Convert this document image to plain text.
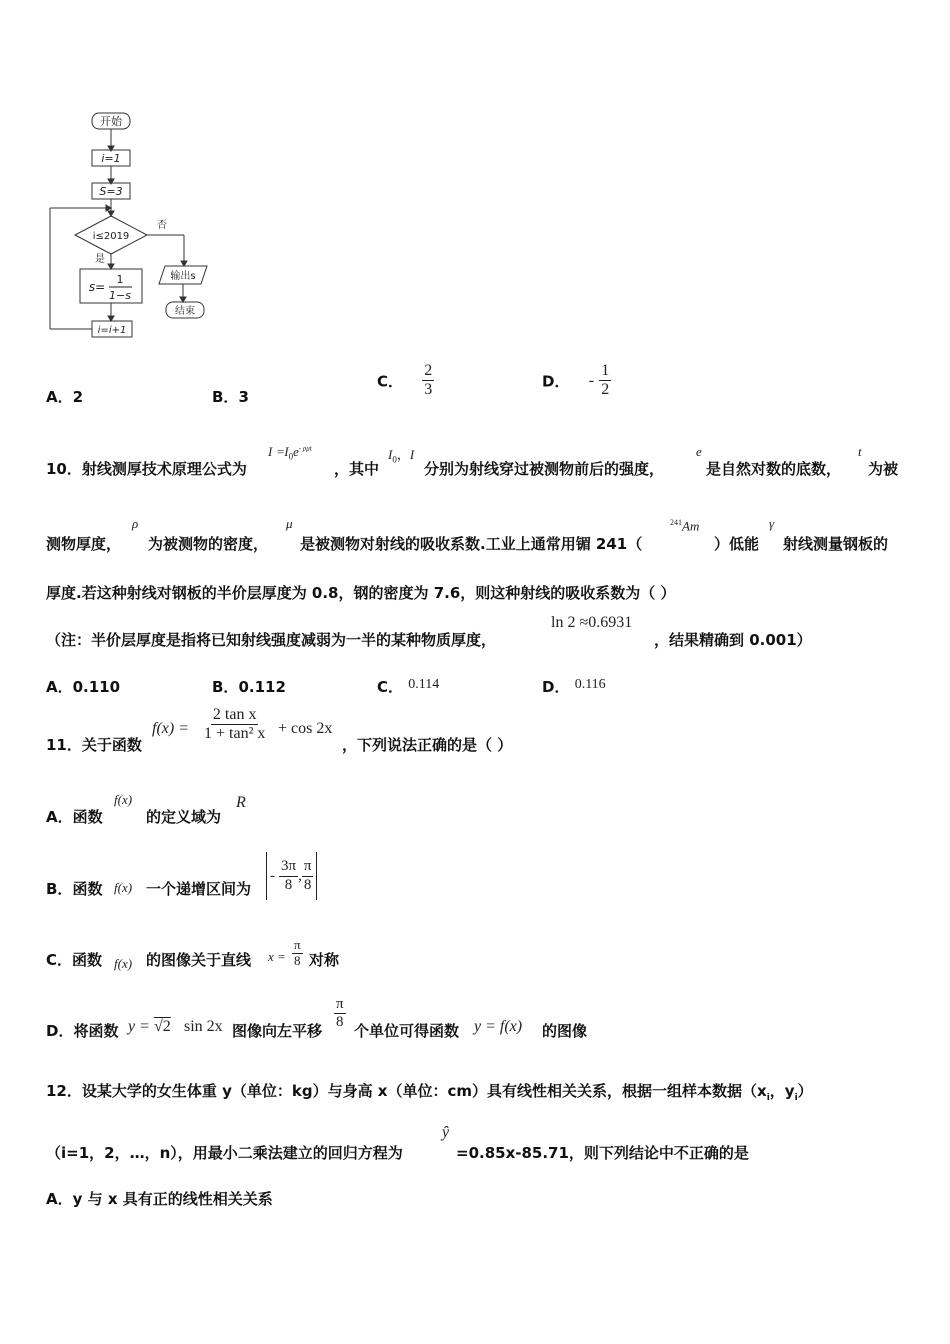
开始
i=1
S=3
i≤2019
否
是
s=
1
1−s
输出s
结束
i=i+1
A．2	B．3
C． $\frac{2}{3}$	D． - $\frac{1}{2}$
10．射线测厚技术原理公式为
$I =I_0e^{- \rho\mu t}$
，其中
$I_0$，I
分别为射线穿过被测物前后的强度，
e
是自然对数的底数，
t
为被
测物厚度，
ρ
为被测物的密度，
μ
是被测物对射线的吸收系数.工业上通常用镅 241（
$^{241}$Am
）低能
γ
射线测量钢板的
厚度.若这种射线对钢板的半价层厚度为 0.8，钢的密度为 7.6，则这种射线的吸收系数为（ ）
（注：半价层厚度是指将已知射线强度减弱为一半的某种物质厚度，
ln 2 ≈0.6931
，结果精确到 0.001）
A．0.110	B．0.112	C． 0.114	D． 0.116
11．关于函数
$f(x) = \frac{\text{2 tan x}}{\text{1 + tan² x}} + \cos 2x$
，下列说法正确的是（ ）
A．函数
f(x)
的定义域为
R
B．函数 f(x) 一个递增区间为
- $\frac{3\pi}{8}$ , $\frac{\pi}{8}$
C．函数 f(x) 的图像关于直线 $x = \frac{\pi}{8}$ 对称
D．将函数 y = √2 sin 2x 图像向左平移 $\frac{\pi}{8}$ 个单位可得函数 y = f(x) 的图像
12．设某大学的女生体重 y（单位：kg）与身高 x（单位：cm）具有线性相关关系，根据一组样本数据（$x_i$，$y_i$）
（i=1，2，…，n），用最小二乘法建立的回归方程为
ŷ
=0.85x-85.71，则下列结论中不正确的是
A．y 与 x 具有正的线性相关关系
